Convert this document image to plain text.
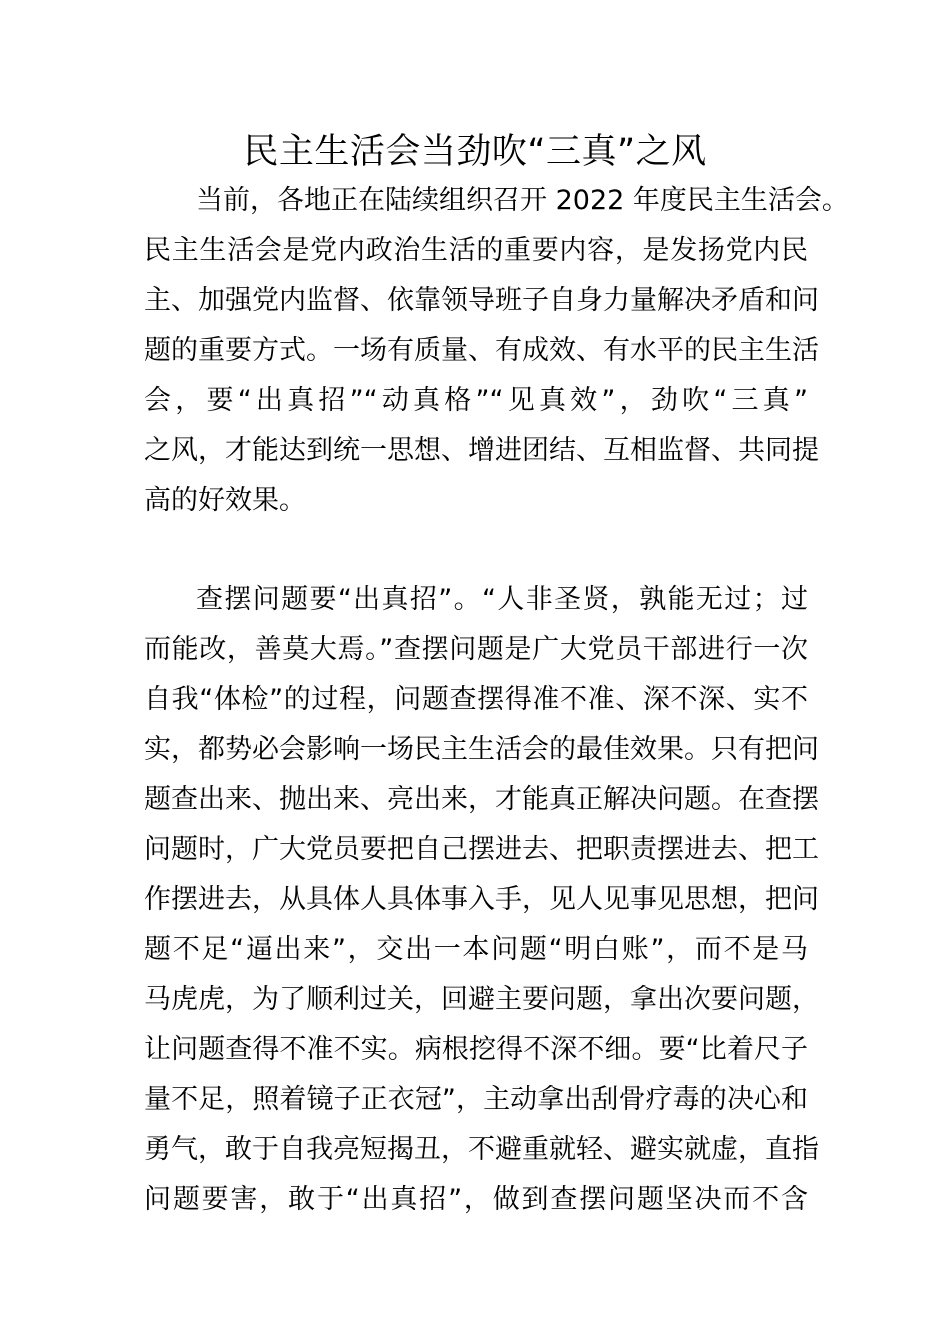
民主生活会当劲吹“三真”之风
当前，各地正在陆续组织召开 2022 年度民主生活会。
民主生活会是党内政治生活的重要内容，是发扬党内民
主、加强党内监督、依靠领导班子自身力量解决矛盾和问
题的重要方式。一场有质量、有成效、有水平的民主生活
会，要“出真招”“动真格”“见真效”，劲吹“三真”
之风，才能达到统一思想、增进团结、互相监督、共同提
高的好效果。
查摆问题要“出真招”。“人非圣贤，孰能无过；过
而能改，善莫大焉。”查摆问题是广大党员干部进行一次
自我“体检”的过程，问题查摆得准不准、深不深、实不
实，都势必会影响一场民主生活会的最佳效果。只有把问
题查出来、抛出来、亮出来，才能真正解决问题。在查摆
问题时，广大党员要把自己摆进去、把职责摆进去、把工
作摆进去，从具体人具体事入手，见人见事见思想，把问
题不足“逼出来”，交出一本问题“明白账”，而不是马
马虎虎，为了顺利过关，回避主要问题，拿出次要问题，
让问题查得不准不实。病根挖得不深不细。要“比着尺子
量不足，照着镜子正衣冠”，主动拿出刮骨疗毒的决心和
勇气，敢于自我亮短揭丑，不避重就轻、避实就虚，直指
问题要害，敢于“出真招”，做到查摆问题坚决而不含
